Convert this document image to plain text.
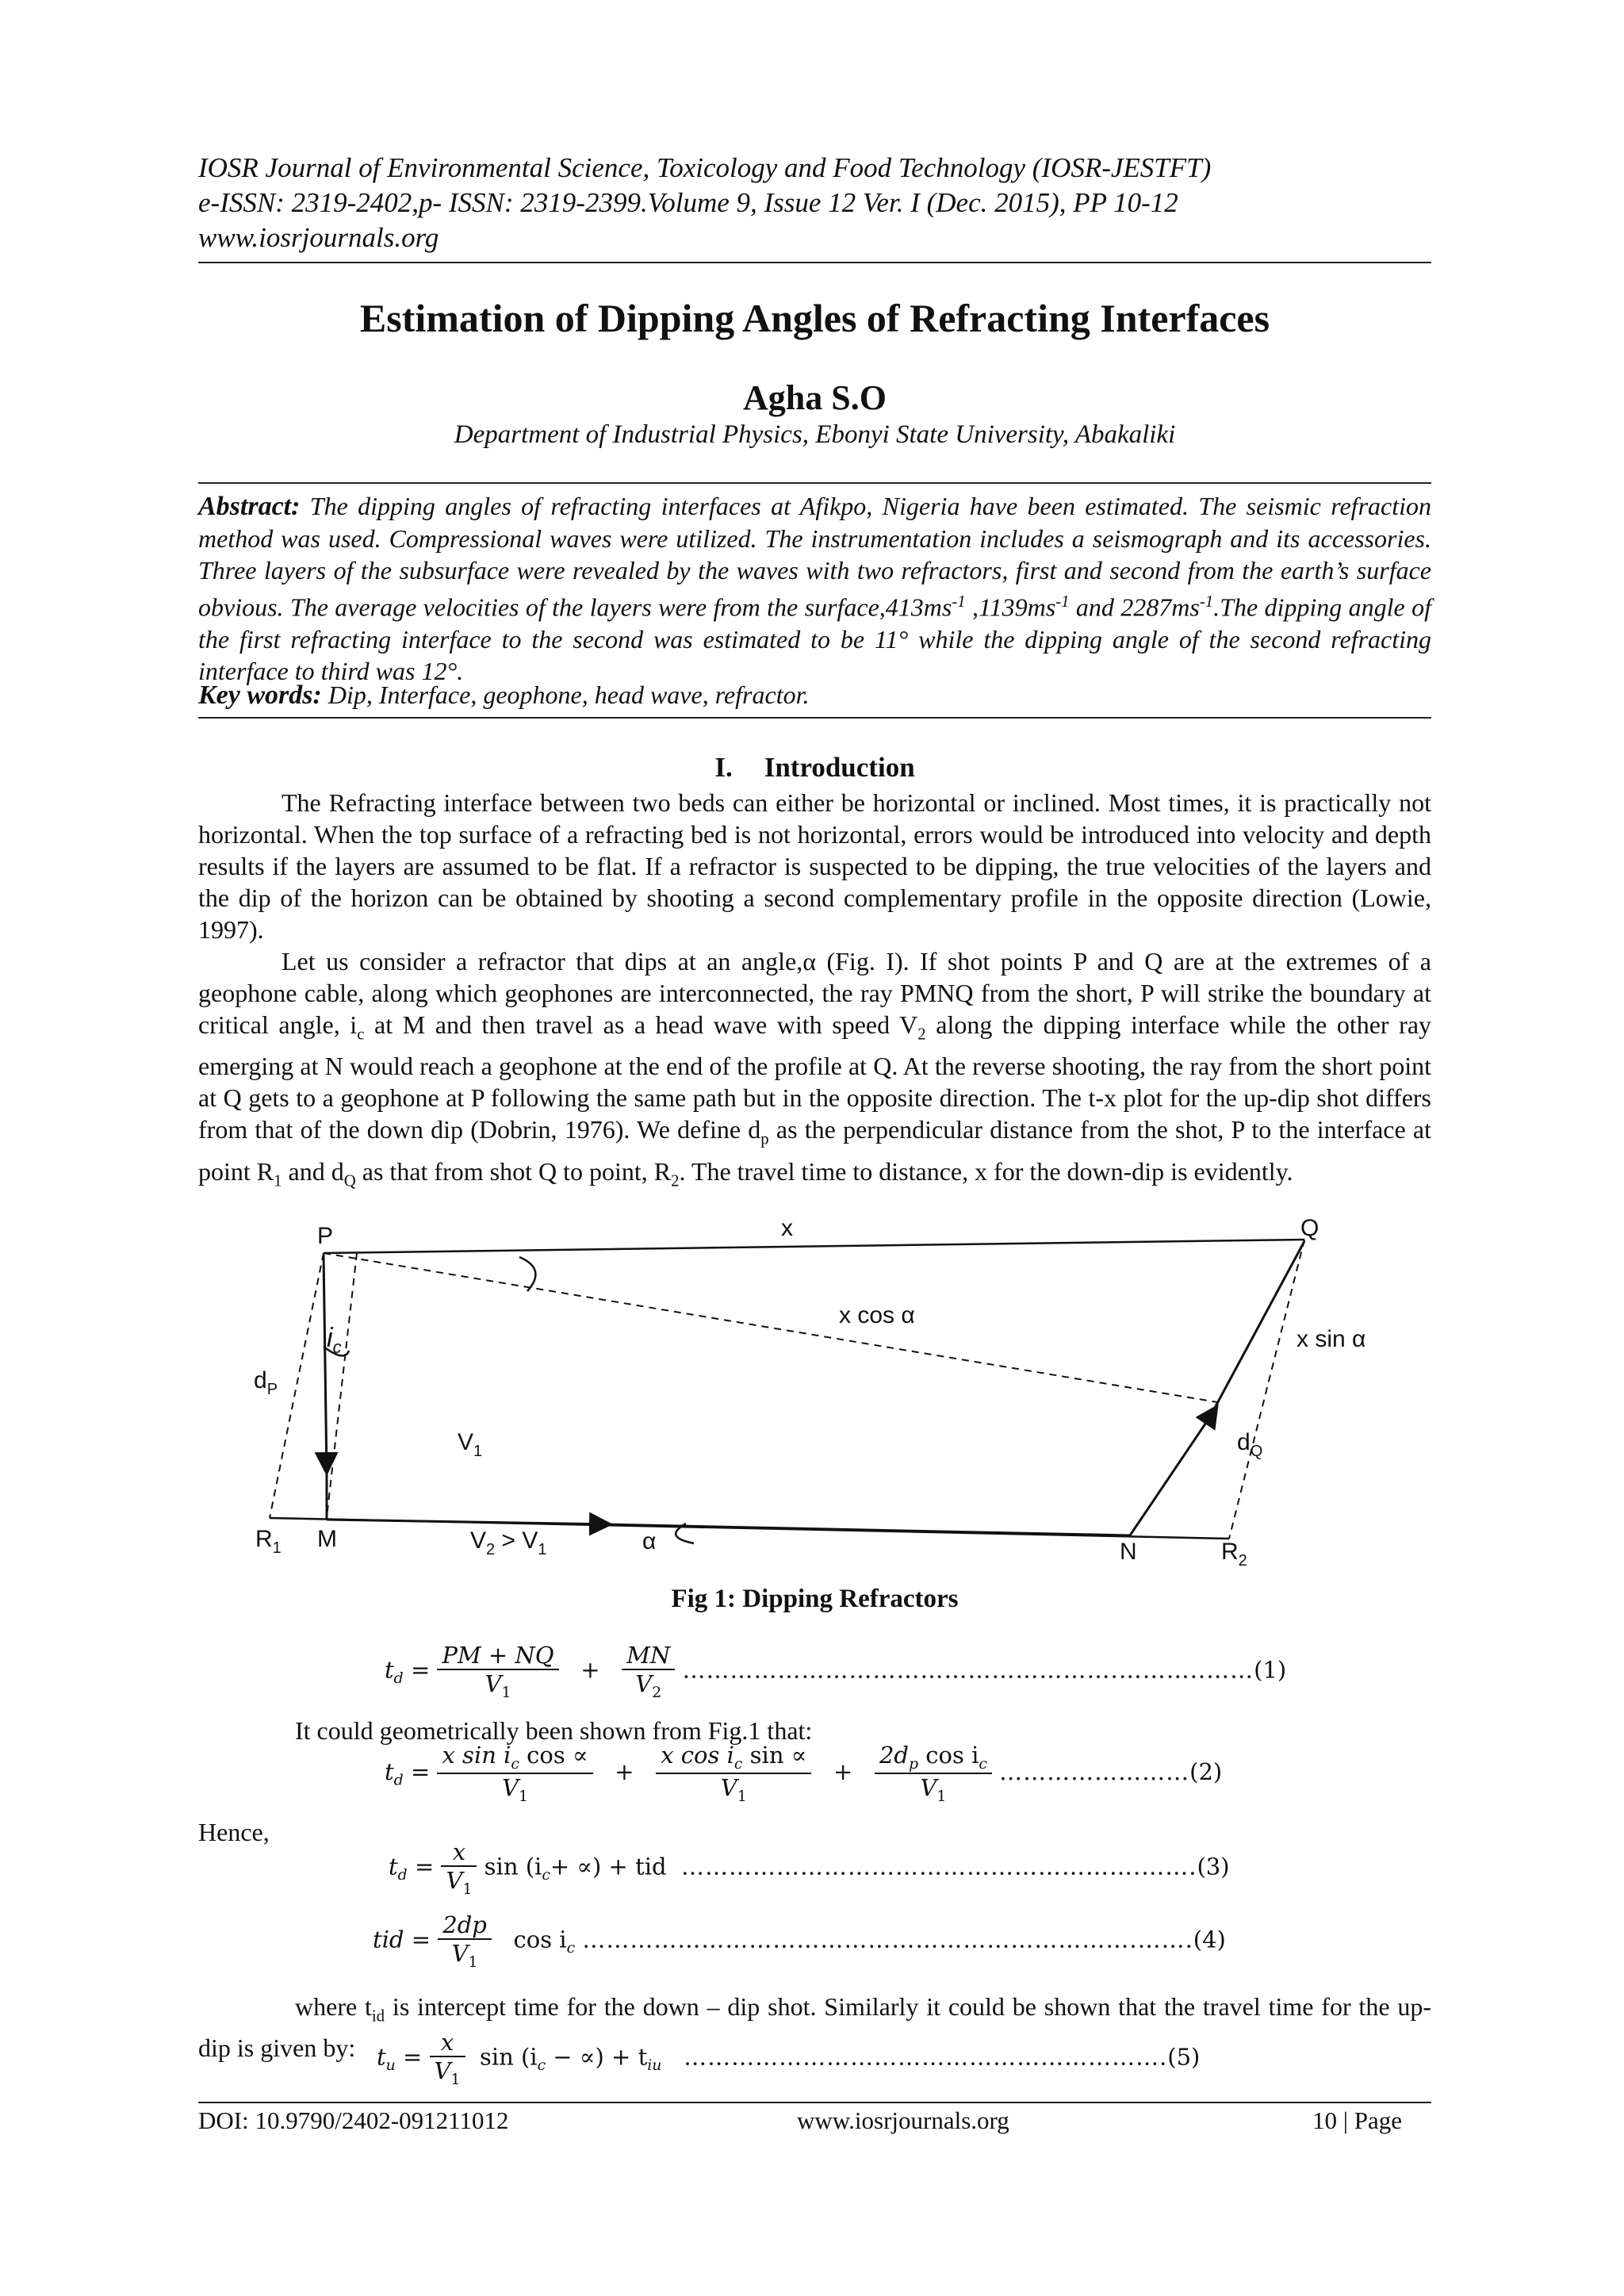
IOSR Journal of Environmental Science, Toxicology and Food Technology (IOSR-JESTFT)
e-ISSN: 2319-2402,p- ISSN: 2319-2399.Volume 9, Issue 12 Ver. I (Dec. 2015), PP 10-12
www.iosrjournals.org
Estimation of Dipping Angles of Refracting Interfaces
Agha S.O
Department of Industrial Physics, Ebonyi State University, Abakaliki
Abstract: The dipping angles of refracting interfaces at Afikpo, Nigeria have been estimated. The seismic refraction method was used. Compressional waves were utilized. The instrumentation includes a seismograph and its accessories. Three layers of the subsurface were revealed by the waves with two refractors, first and second from the earth’s surface obvious. The average velocities of the layers were from the $surface,413ms^{-1}$ $,1139ms^{-1}$ and $2287ms^{-1}.The$ dipping angle of the first refracting interface to the second was estimated to be 11° while the dipping angle of the second refracting interface to third was 12°.
Key words: Dip, Interface, geophone, head wave, refractor.
I. Introduction

The Refracting interface between two beds can either be horizontal or inclined. Most times, it is practically not horizontal. When the top surface of a refracting bed is not horizontal, errors would be introduced into velocity and depth results if the layers are assumed to be flat. If a refractor is suspected to be dipping, the true velocities of the layers and the dip of the horizon can be obtained by shooting a second complementary profile in the opposite direction (Lowie, 1997).

Let us consider a refractor that dips at an angle,α (Fig. I). If shot points P and Q are at the extremes of a geophone cable, along which geophones are interconnected, the ray PMNQ from the short, P will strike the boundary at critical angle, $i_c$ at M and then travel as a head wave with speed $V_2$ along the dipping interface while the other ray emerging at N would reach a geophone at the end of the profile at Q. At the reverse shooting, the ray from the short point at Q gets to a geophone at P following the same path but in the opposite direction. The t-x plot for the up-dip shot differs from that of the down dip (Dobrin, 1976). We define $d_p$ as the perpendicular distance from the shot, P to the interface at point $R_1$ and $d_Q$ as that from shot Q to point, $R_2$. The travel time to distance, x for the down-dip is evidently.

P	Q
x
x cos α
x sin α
$i_c$
$d_P$
$d_Q$
$V_1$
$V_2 > V_1$	α
$R_1$ M	N	$R_2$
Fig 1: Dipping Refractors
$t_d = \frac{PM + NQ}{V_1} + \frac{MN}{V_2}$ ……………………………………………….………..……(1)
It could geometrically been shown from Fig.1 that:
$t_d = \frac{x \sin i_c \cos \propto}{V_1} + \frac{x \cos i_c \sin \propto}{V_1} + \frac{2d_p \cos i_c}{V_1}$ ……………………(2)
Hence,
$t_d = \frac{x}{V_1}$ $\sin (i_c+$ ∝) + tid ………………………………………………….…….(3)
tid = $\frac{2dp}{V_1}$ $\cos i_c$ …………………………………………………………….…….(4)
where $t_{id}$ is intercept time for the down – dip shot. Similarly it could be shown that the travel time for the up-dip is given by: $t_u = \frac{x}{V_1}$ $\sin (i_c$ − ∝) + $t_{iu}$ …………………………………………………….(5)
DOI: 10.9790/2402-091211012	www.iosrjournals.org	10 | Page
